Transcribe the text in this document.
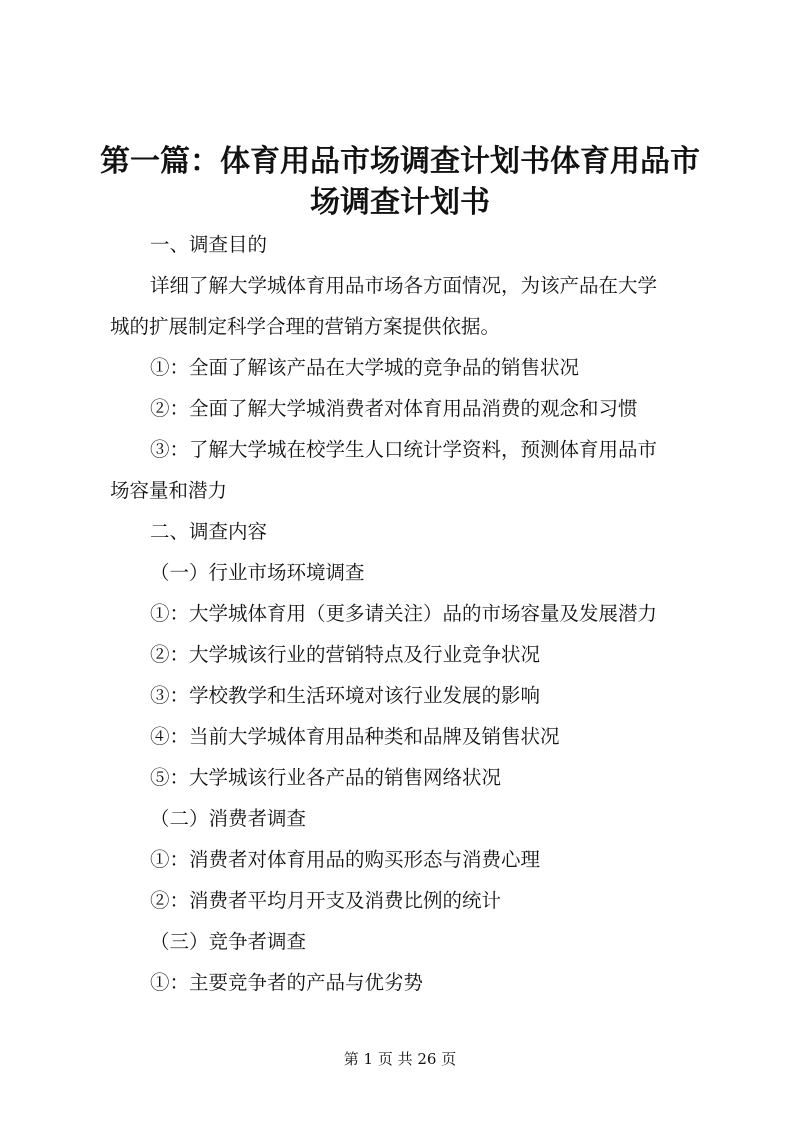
第一篇：体育用品市场调查计划书体育用品市
场调查计划书
一、调查目的
详细了解大学城体育用品市场各方面情况，为该产品在大学
城的扩展制定科学合理的营销方案提供依据。
①：全面了解该产品在大学城的竞争品的销售状况
②：全面了解大学城消费者对体育用品消费的观念和习惯
③：了解大学城在校学生人口统计学资料，预测体育用品市
场容量和潜力
二、调查内容
（一）行业市场环境调查
①：大学城体育用（更多请关注）品的市场容量及发展潜力
②：大学城该行业的营销特点及行业竞争状况
③：学校教学和生活环境对该行业发展的影响
④：当前大学城体育用品种类和品牌及销售状况
⑤：大学城该行业各产品的销售网络状况
（二）消费者调查
①：消费者对体育用品的购买形态与消费心理
②：消费者平均月开支及消费比例的统计
（三）竞争者调查
①：主要竞争者的产品与优劣势
第 1 页 共 26 页
